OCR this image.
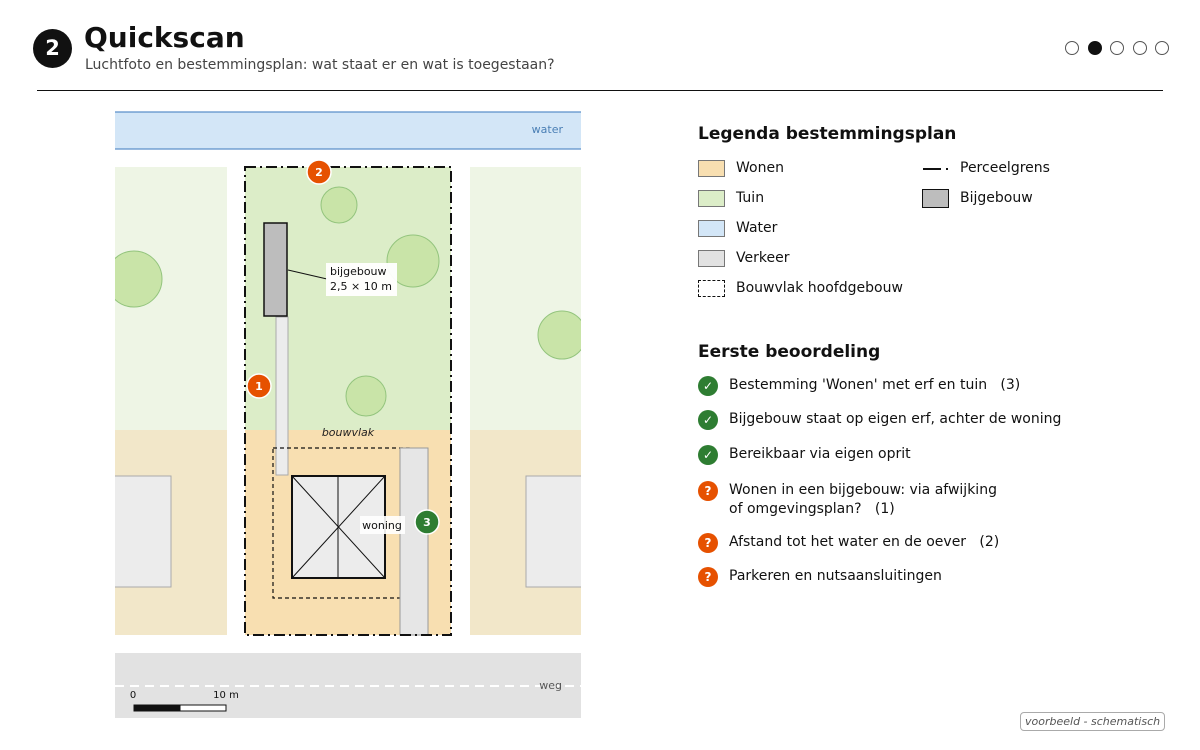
2 Quickscan
Luchtfoto en bestemmingsplan: wat staat er en wat is toegestaan?
water
weg
bouwvlak
woning
bijgebouw
2,5 × 10 m
1
2
3
0	10 m
Legenda bestemmingsplan
Wonen
Tuin
Water
Verkeer
Bouwvlak hoofdgebouw
Perceelgrens
Bijgebouw
Eerste beoordeling
✓	Bestemming 'Wonen' met erf en tuin   (3)
✓	Bijgebouw staat op eigen erf, achter de woning
✓	Bereikbaar via eigen oprit
?	Wonen in een bijgebouw: via afwijking
of omgevingsplan?   (1)
?	Afstand tot het water en de oever   (2)
?	Parkeren en nutsaansluitingen
voorbeeld - schematisch
